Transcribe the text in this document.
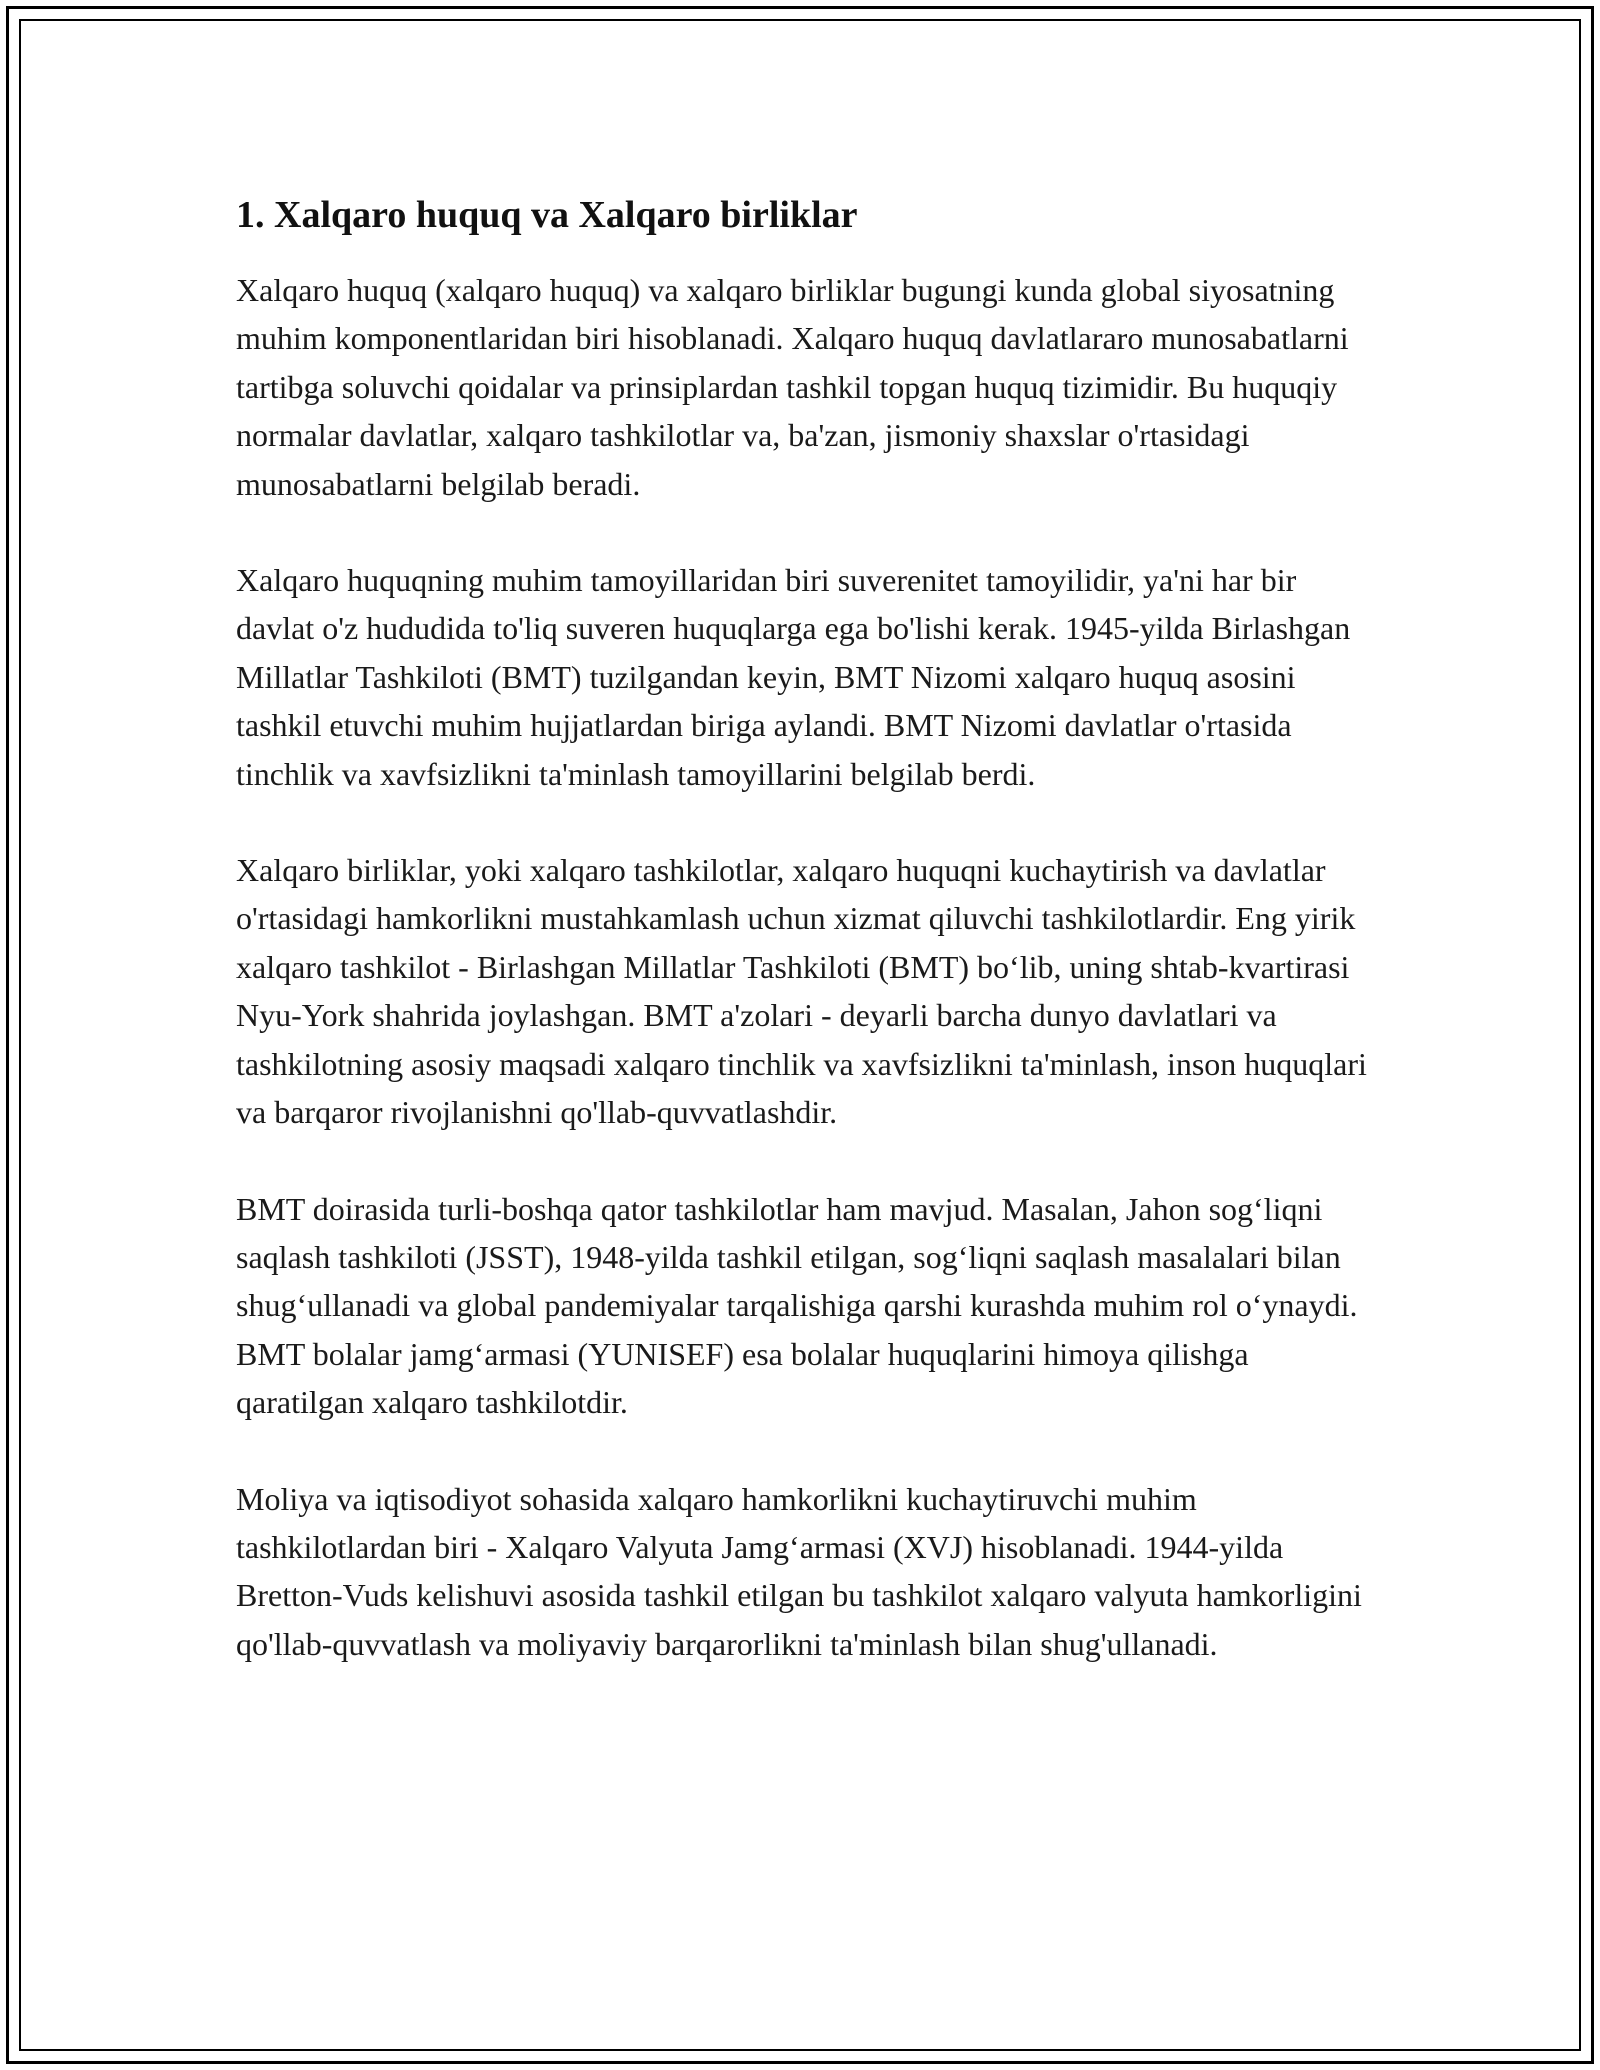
1. Xalqaro huquq va Xalqaro birliklar

Xalqaro huquq (xalqaro huquq) va xalqaro birliklar bugungi kunda global siyosatning muhim komponentlaridan biri hisoblanadi. Xalqaro huquq davlatlararo munosabatlarni tartibga soluvchi qoidalar va prinsiplardan tashkil topgan huquq tizimidir. Bu huquqiy normalar davlatlar, xalqaro tashkilotlar va, ba'zan, jismoniy shaxslar o'rtasidagi munosabatlarni belgilab beradi.

Xalqaro huquqning muhim tamoyillaridan biri suverenitet tamoyilidir, ya'ni har bir davlat o'z hududida to'liq suveren huquqlarga ega bo'lishi kerak. 1945-yilda Birlashgan Millatlar Tashkiloti (BMT) tuzilgandan keyin, BMT Nizomi xalqaro huquq asosini tashkil etuvchi muhim hujjatlardan biriga aylandi. BMT Nizomi davlatlar o'rtasida tinchlik va xavfsizlikni ta'minlash tamoyillarini belgilab berdi.

Xalqaro birliklar, yoki xalqaro tashkilotlar, xalqaro huquqni kuchaytirish va davlatlar o'rtasidagi hamkorlikni mustahkamlash uchun xizmat qiluvchi tashkilotlardir. Eng yirik xalqaro tashkilot - Birlashgan Millatlar Tashkiloti (BMT) bo‘lib, uning shtab-kvartirasi Nyu-York shahrida joylashgan. BMT a'zolari - deyarli barcha dunyo davlatlari va tashkilotning asosiy maqsadi xalqaro tinchlik va xavfsizlikni ta'minlash, inson huquqlari va barqaror rivojlanishni qo'llab-quvvatlashdir.

BMT doirasida turli-boshqa qator tashkilotlar ham mavjud. Masalan, Jahon sog‘liqni saqlash tashkiloti (JSST), 1948-yilda tashkil etilgan, sog‘liqni saqlash masalalari bilan shug‘ullanadi va global pandemiyalar tarqalishiga qarshi kurashda muhim rol o‘ynaydi. BMT bolalar jamg‘armasi (YUNISEF) esa bolalar huquqlarini himoya qilishga qaratilgan xalqaro tashkilotdir.

Moliya va iqtisodiyot sohasida xalqaro hamkorlikni kuchaytiruvchi muhim tashkilotlardan biri - Xalqaro Valyuta Jamg‘armasi (XVJ) hisoblanadi. 1944-yilda Bretton-Vuds kelishuvi asosida tashkil etilgan bu tashkilot xalqaro valyuta hamkorligini qo'llab-quvvatlash va moliyaviy barqarorlikni ta'minlash bilan shug'ullanadi.
